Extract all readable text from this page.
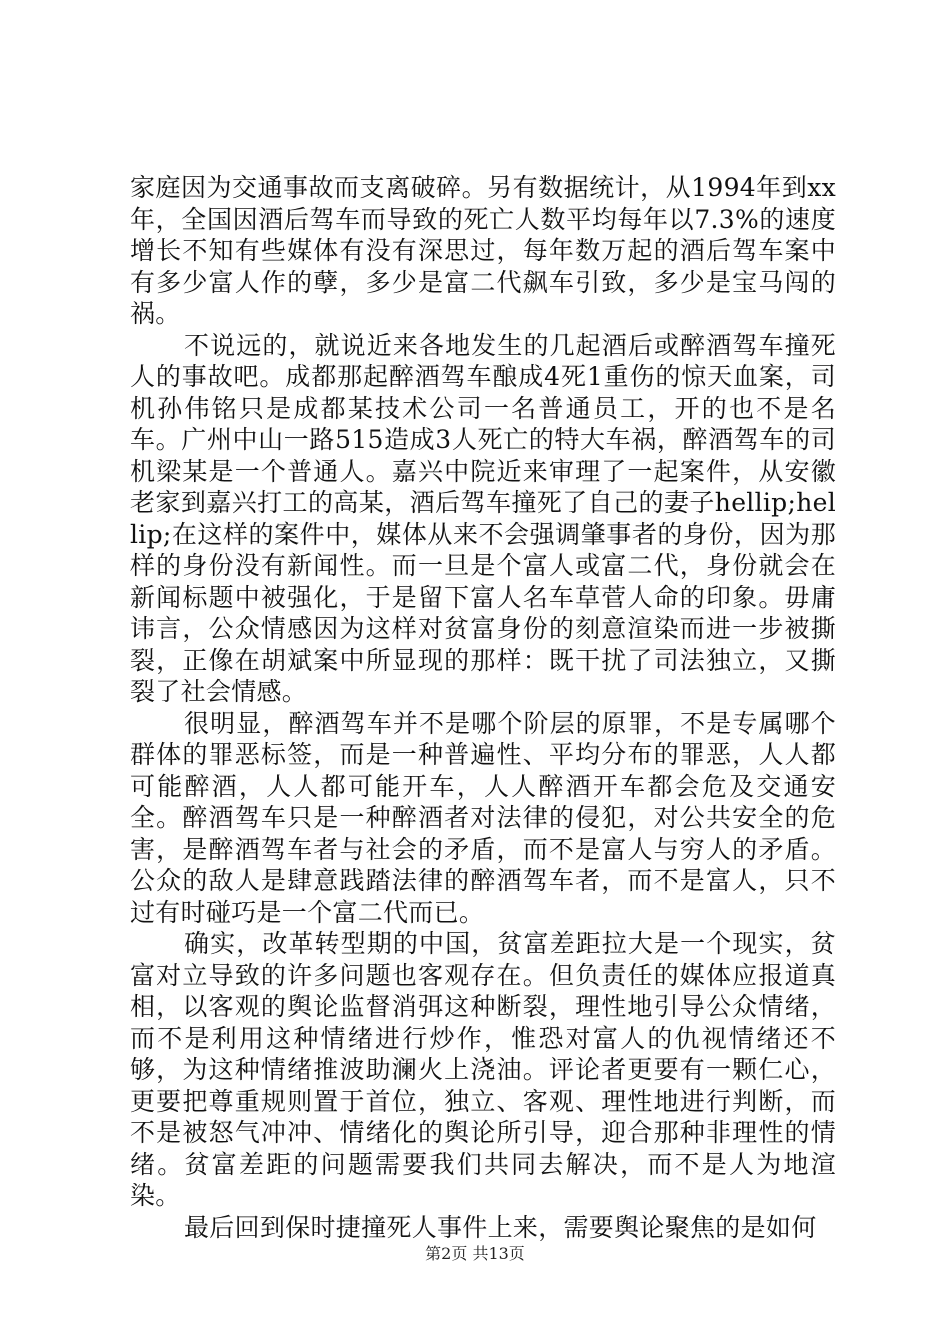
家庭因为交通事故而支离破碎。另有数据统计，从1994年到xx年，全国因酒后驾车而导致的死亡人数平均每年以7.3%的速度增长不知有些媒体有没有深思过，每年数万起的酒后驾车案中有多少富人作的孽，多少是富二代飙车引致，多少是宝马闯的祸。

不说远的，就说近来各地发生的几起酒后或醉酒驾车撞死人的事故吧。成都那起醉酒驾车酿成4死1重伤的惊天血案，司机孙伟铭只是成都某技术公司一名普通员工，开的也不是名车。广州中山一路515造成3人死亡的特大车祸，醉酒驾车的司机梁某是一个普通人。嘉兴中院近来审理了一起案件，从安徽老家到嘉兴打工的高某，酒后驾车撞死了自己的妻子hellip;hellip;在这样的案件中，媒体从来不会强调肇事者的身份，因为那样的身份没有新闻性。而一旦是个富人或富二代，身份就会在新闻标题中被强化，于是留下富人名车草菅人命的印象。毋庸讳言，公众情感因为这样对贫富身份的刻意渲染而进一步被撕裂，正像在胡斌案中所显现的那样：既干扰了司法独立，又撕裂了社会情感。

很明显，醉酒驾车并不是哪个阶层的原罪，不是专属哪个群体的罪恶标签，而是一种普遍性、平均分布的罪恶，人人都可能醉酒，人人都可能开车，人人醉酒开车都会危及交通安全。醉酒驾车只是一种醉酒者对法律的侵犯，对公共安全的危害，是醉酒驾车者与社会的矛盾，而不是富人与穷人的矛盾。公众的敌人是肆意践踏法律的醉酒驾车者，而不是富人，只不过有时碰巧是一个富二代而已。

确实，改革转型期的中国，贫富差距拉大是一个现实，贫富对立导致的许多问题也客观存在。但负责任的媒体应报道真相，以客观的舆论监督消弭这种断裂，理性地引导公众情绪，而不是利用这种情绪进行炒作，惟恐对富人的仇视情绪还不够，为这种情绪推波助澜火上浇油。评论者更要有一颗仁心，更要把尊重规则置于首位，独立、客观、理性地进行判断，而不是被怒气冲冲、情绪化的舆论所引导，迎合那种非理性的情绪。贫富差距的问题需要我们共同去解决，而不是人为地渲染。

最后回到保时捷撞死人事件上来，需要舆论聚焦的是如何

第2页 共13页
